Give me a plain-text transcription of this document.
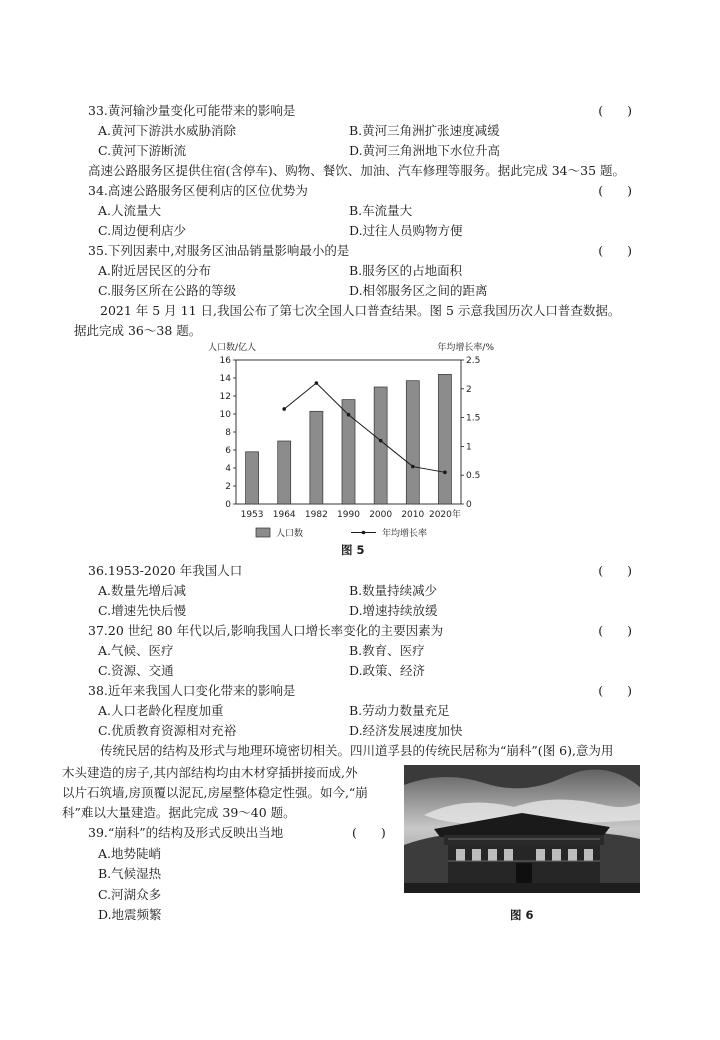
33.黄河输沙量变化可能带来的影响是	( )
A.黄河下游洪水威胁消除	B.黄河三角洲扩张速度减缓
C.黄河下游断流	D.黄河三角洲地下水位升高
高速公路服务区提供住宿(含停车)、购物、餐饮、加油、汽车修理等服务。据此完成 34～35 题。
34.高速公路服务区便利店的区位优势为	( )
A.人流量大	B.车流量大
C.周边便利店少	D.过往人员购物方便
35.下列因素中,对服务区油品销量影响最小的是	( )
A.附近居民区的分布	B.服务区的占地面积
C.服务区所在公路的等级	D.相邻服务区之间的距离
2021 年 5 月 11 日,我国公布了第七次全国人口普查结果。图 5 示意我国历次人口普查数据。
据此完成 36～38 题。
0
2
4
6
8
10
12
14
16
0
0.5
1
1.5
2
2.5
人口数/亿人	年均增长率/%
1953 1964 1982 1990 2000 2010 2020年
人口数	年均增长率
图 5
36.1953-2020 年我国人口	( )
A.数量先增后减	B.数量持续减少
C.增速先快后慢	D.增速持续放缓
37.20 世纪 80 年代以后,影响我国人口增长率变化的主要因素为	( )
A.气候、医疗	B.教育、医疗
C.资源、交通	D.政策、经济
38.近年来我国人口变化带来的影响是	( )
A.人口老龄化程度加重	B.劳动力数量充足
C.优质教育资源相对充裕	D.经济发展速度加快
传统民居的结构及形式与地理环境密切相关。四川道孚县的传统民居称为“崩科”(图 6),意为用
木头建造的房子,其内部结构均由木材穿插拼接而成,外
以片石筑墙,房顶覆以泥瓦,房屋整体稳定性强。如今,“崩
科”难以大量建造。据此完成 39～40 题。
39.“崩科”的结构及形式反映出当地	( )
A.地势陡峭
B.气候湿热
C.河湖众多
D.地震频繁	图 6
